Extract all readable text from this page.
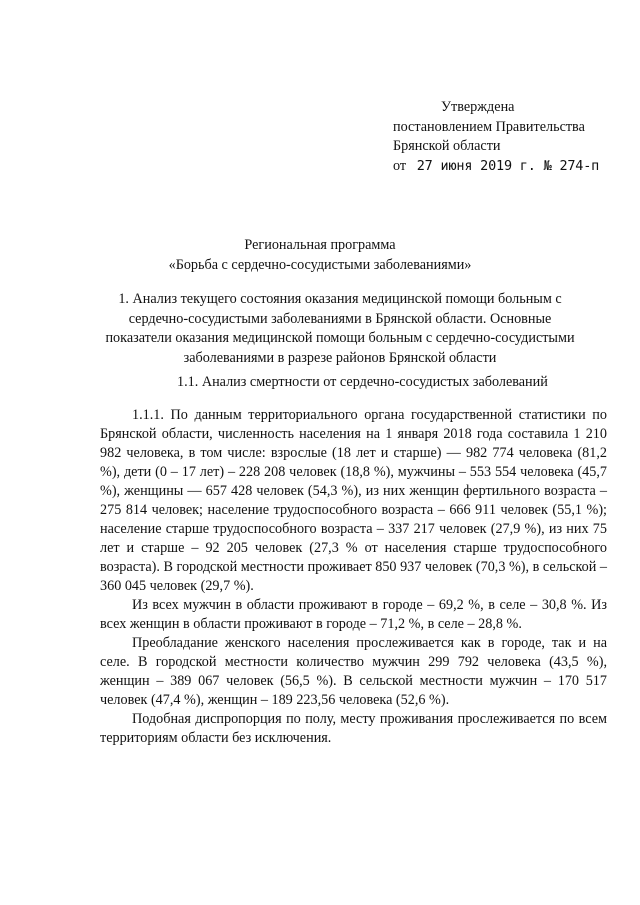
Утверждена
постановлением Правительства
Брянской области
от 27 июня 2019 г. № 274-п
Региональная программа
«Борьба с сердечно-сосудистыми заболеваниями»
1. Анализ текущего состояния оказания медицинской помощи больным с сердечно-сосудистыми заболеваниями в Брянской области. Основные показатели оказания медицинской помощи больным с сердечно-сосудистыми заболеваниями в разрезе районов Брянской области
1.1. Анализ смертности от сердечно-сосудистых заболеваний

1.1.1. По данным территориального органа государственной статистики по Брянской области, численность населения на 1 января 2018 года составила 1 210 982 человека, в том числе: взрослые (18 лет и старше) — 982 774 человека (81,2 %), дети (0 – 17 лет) – 228 208 человек (18,8 %), мужчины – 553 554 человека (45,7 %), женщины — 657 428 человек (54,3 %), из них женщин фертильного возраста – 275 814 человек; население трудоспособного возраста – 666 911 человек (55,1 %); население старше трудоспособного возраста – 337 217 человек (27,9 %), из них 75 лет и старше – 92 205 человек (27,3 % от населения старше трудоспособного возраста). В городской местности проживает 850 937 человек (70,3 %), в сельской – 360 045 человек (29,7 %).

Из всех мужчин в области проживают в городе – 69,2 %, в селе – 30,8 %. Из всех женщин в области проживают в городе – 71,2 %, в селе – 28,8 %.

Преобладание женского населения прослеживается как в городе, так и на селе. В городской местности количество мужчин 299 792 человека (43,5 %), женщин – 389 067 человек (56,5 %). В сельской местности мужчин – 170 517 человек (47,4 %), женщин – 189 223,56 человека (52,6 %).

Подобная диспропорция по полу, месту проживания прослеживается по всем территориям области без исключения.
